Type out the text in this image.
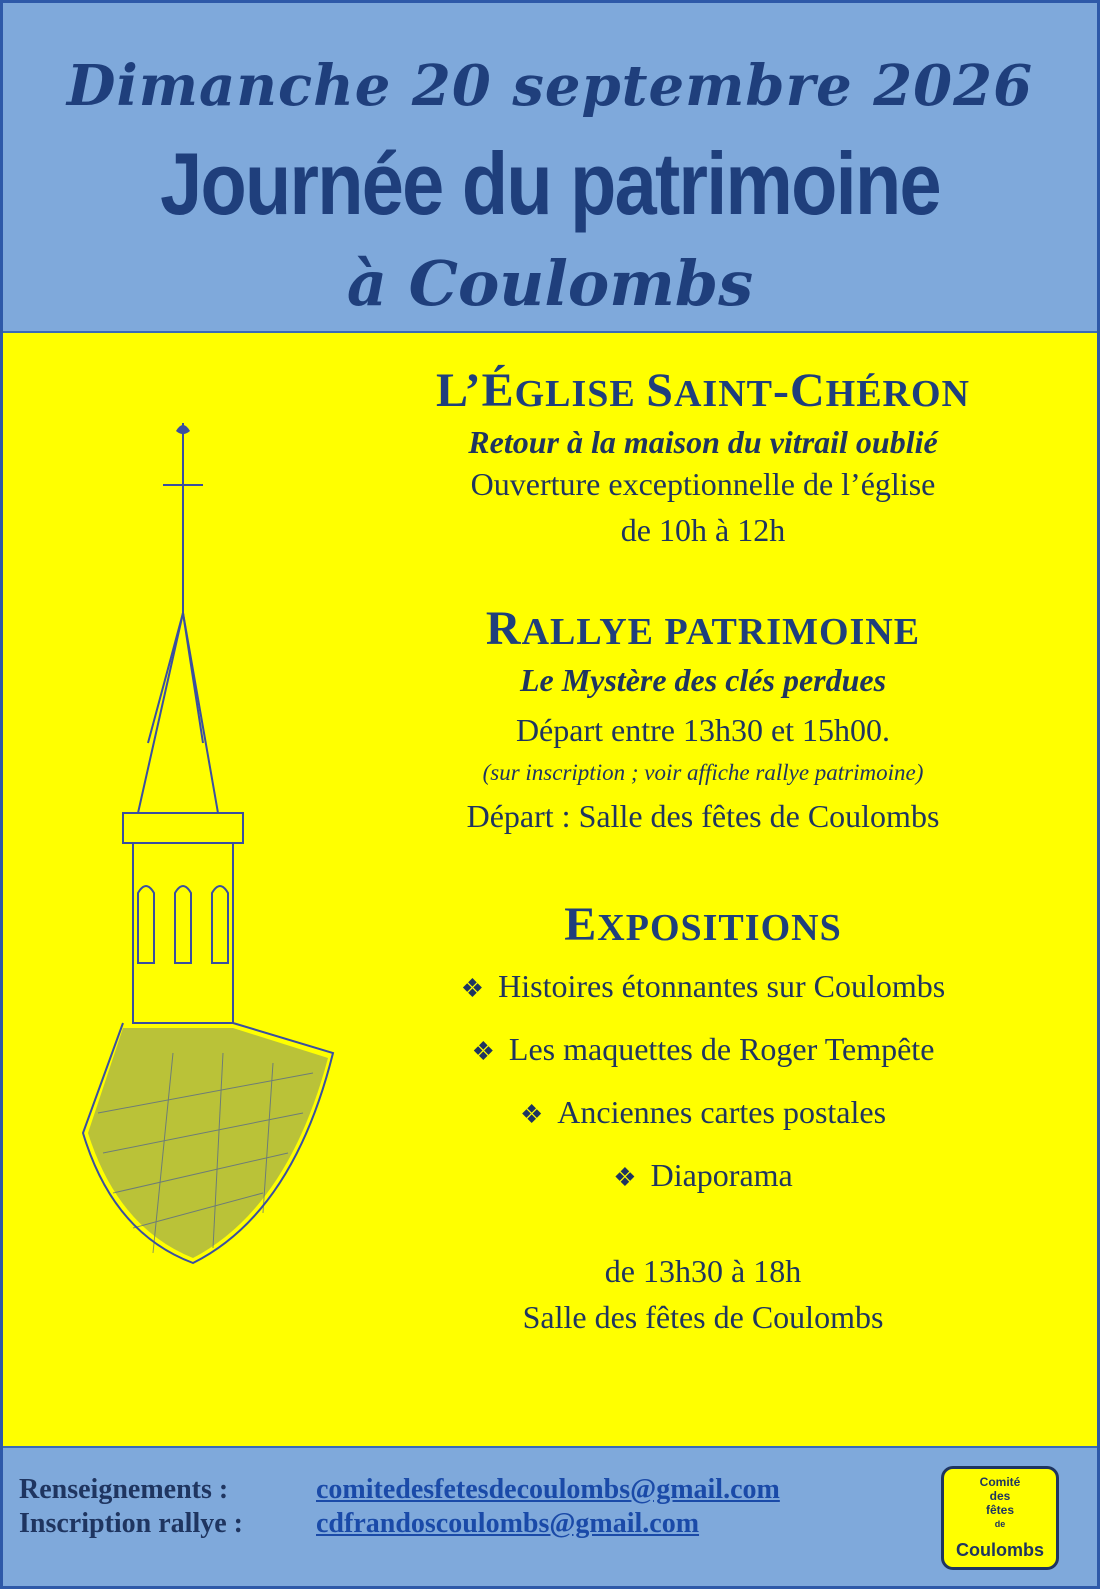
Dimanche 20 septembre 2026
Journée du patrimoine
à Coulombs
L’ÉGLISE SAINT-CHÉRON
Retour à la maison du vitrail oublié
Ouverture exceptionnelle de l’église
de 10h à 12h
RALLYE PATRIMOINE
Le Mystère des clés perdues
Départ entre 13h30 et 15h00.
(sur inscription ; voir affiche rallye patrimoine)
Départ : Salle des fêtes de Coulombs
EXPOSITIONS
❖ Histoires étonnantes sur Coulombs
❖ Les maquettes de Roger Tempête
❖ Anciennes cartes postales
❖ Diaporama
de 13h30 à 18h
Salle des fêtes de Coulombs
Renseignements :	comitedesfetesdecoulombs@gmail.com
Inscription rallye :	cdfrandoscoulombs@gmail.com
Comité
des
fêtes
de
Coulombs
